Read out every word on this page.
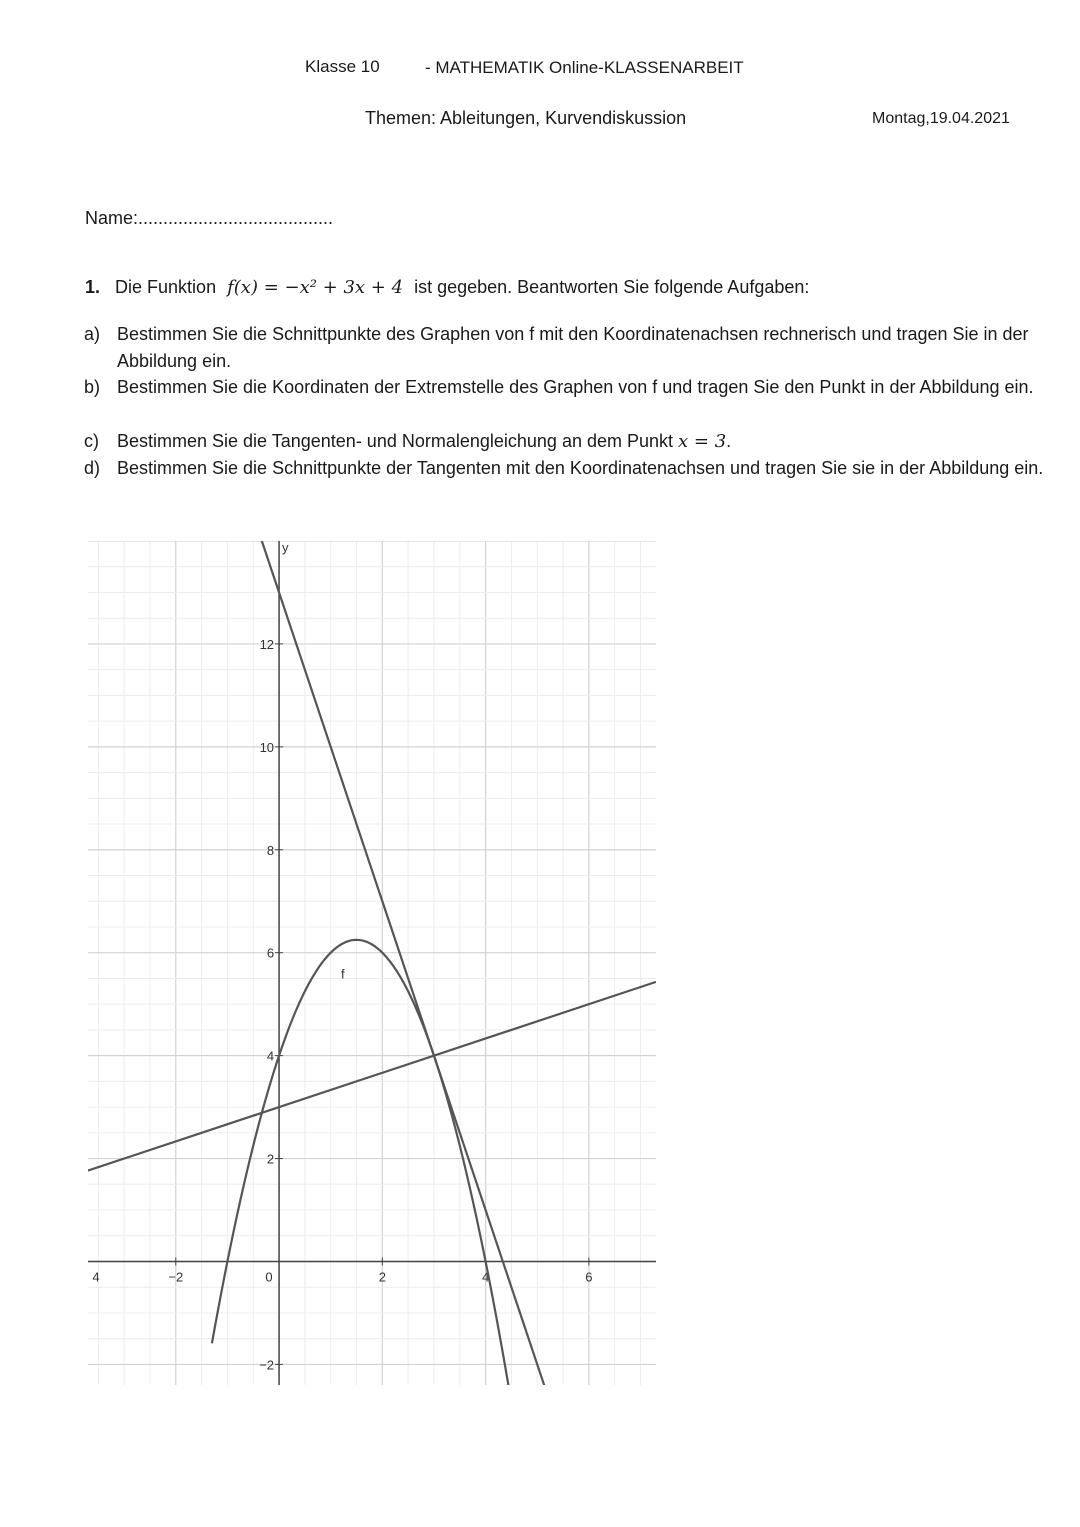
Klasse 10	- MATHEMATIK Online-KLASSENARBEIT
Themen: Ableitungen, Kurvendiskussion	Montag,19.04.2021
Name:.......................................
1. Die Funktion f(x) = −x² + 3x + 4 ist gegeben. Beantworten Sie folgende Aufgaben:
a) Bestimmen Sie die Schnittpunkte des Graphen von f mit den Koordinatenachsen rechnerisch und tragen Sie in der Abbildung ein.
b) Bestimmen Sie die Koordinaten der Extremstelle des Graphen von f und tragen Sie den Punkt in der Abbildung ein.
c) Bestimmen Sie die Tangenten- und Normalengleichung an dem Punkt x = 3.
d) Bestimmen Sie die Schnittpunkte der Tangenten mit den Koordinatenachsen und tragen Sie sie in der Abbildung ein.
4	−2	0	2	4	6
12
10
8
6
4
2
−2
y
f
